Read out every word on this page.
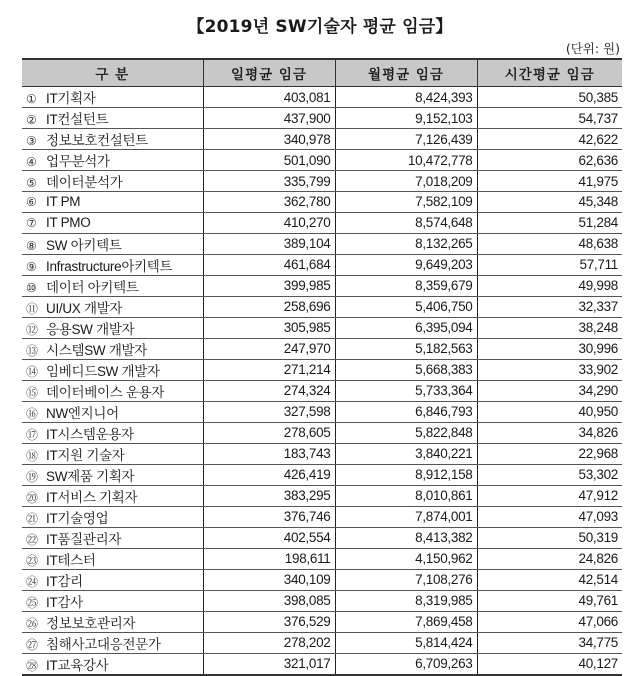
【2019년 SW기술자 평균 임금】
(단위: 원)
구 분	일평균 임금	월평균 임금	시간평균 임금
① IT기획자	403,081	8,424,393	50,385
② IT컨설턴트	437,900	9,152,103	54,737
③ 정보보호컨설턴트	340,978	7,126,439	42,622
④ 업무분석가	501,090	10,472,778	62,636
⑤ 데이터분석가	335,799	7,018,209	41,975
⑥ IT PM	362,780	7,582,109	45,348
⑦ IT PMO	410,270	8,574,648	51,284
⑧ SW 아키텍트	389,104	8,132,265	48,638
⑨ Infrastructure아키텍트	461,684	9,649,203	57,711
⑩ 데이터 아키텍트	399,985	8,359,679	49,998
⑪ UI/UX 개발자	258,696	5,406,750	32,337
⑫ 응용SW 개발자	305,985	6,395,094	38,248
⑬ 시스템SW 개발자	247,970	5,182,563	30,996
⑭ 임베디드SW 개발자	271,214	5,668,383	33,902
⑮ 데이터베이스 운용자	274,324	5,733,364	34,290
⑯ NW엔지니어	327,598	6,846,793	40,950
⑰ IT시스템운용자	278,605	5,822,848	34,826
⑱ IT지원 기술자	183,743	3,840,221	22,968
⑲ SW제품 기획자	426,419	8,912,158	53,302
⑳ IT서비스 기획자	383,295	8,010,861	47,912
㉑ IT기술영업	376,746	7,874,001	47,093
㉒ IT품질관리자	402,554	8,413,382	50,319
㉓ IT테스터	198,611	4,150,962	24,826
㉔ IT감리	340,109	7,108,276	42,514
㉕ IT감사	398,085	8,319,985	49,761
㉖ 정보보호관리자	376,529	7,869,458	47,066
㉗ 침해사고대응전문가	278,202	5,814,424	34,775
㉘ IT교육강사	321,017	6,709,263	40,127
